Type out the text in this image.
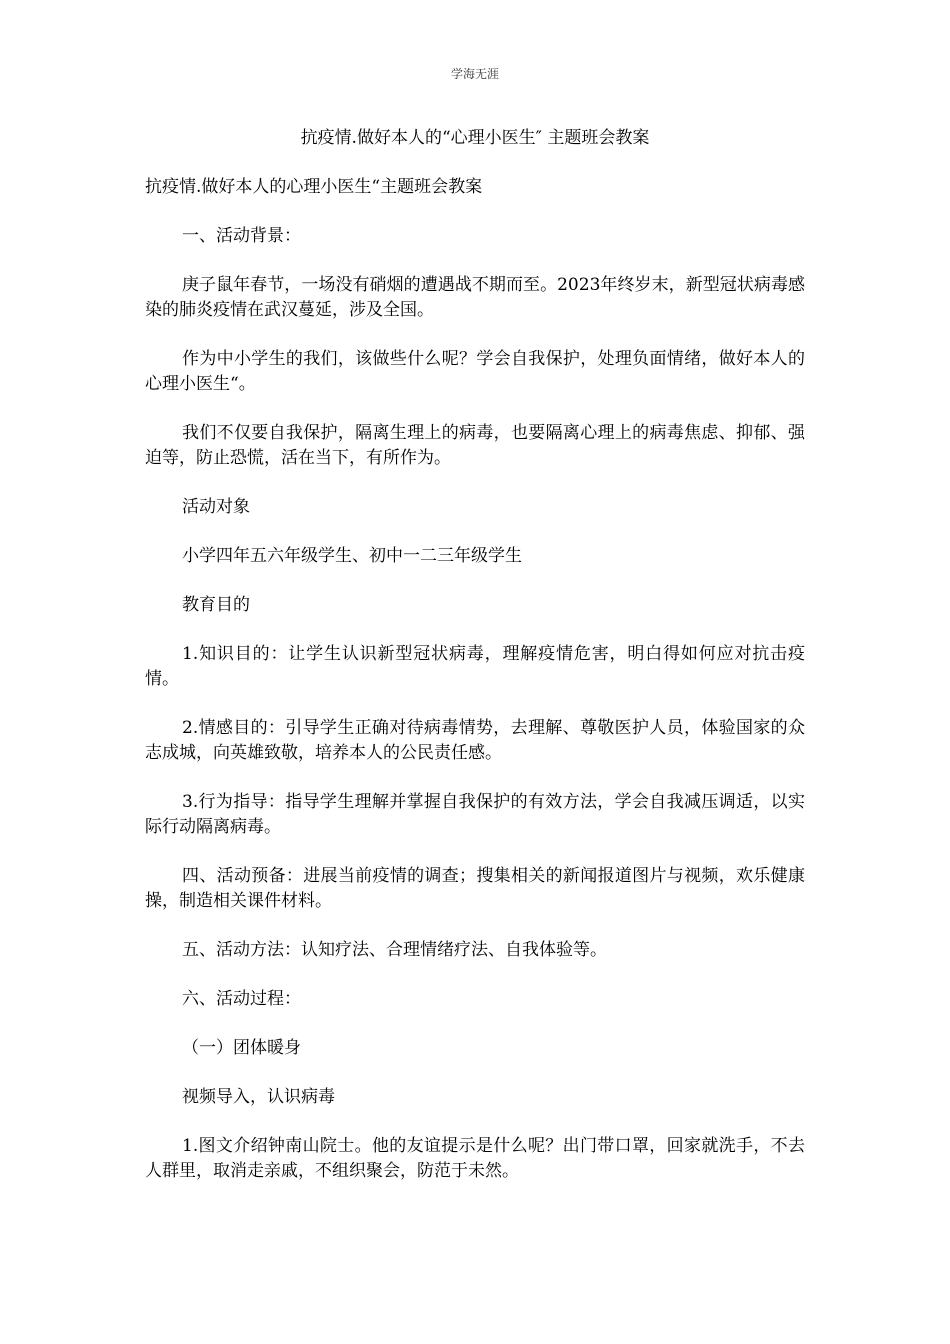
学海无涯
抗疫情.做好本人的“心理小医生″ 主题班会教案

抗疫情.做好本人的心理小医生“主题班会教案

一、活动背景：

庚子鼠年春节，一场没有硝烟的遭遇战不期而至。2023年终岁末，新型冠状病毒感染的肺炎疫情在武汉蔓延，涉及全国。

作为中小学生的我们，该做些什么呢？学会自我保护，处理负面情绪，做好本人的心理小医生“。

我们不仅要自我保护，隔离生理上的病毒，也要隔离心理上的病毒焦虑、抑郁、强迫等，防止恐慌，活在当下，有所作为。

活动对象

小学四年五六年级学生、初中一二三年级学生

教育目的

1.知识目的：让学生认识新型冠状病毒，理解疫情危害，明白得如何应对抗击疫情。

2.情感目的：引导学生正确对待病毒情势，去理解、尊敬医护人员，体验国家的众志成城，向英雄致敬，培养本人的公民责任感。

3.行为指导：指导学生理解并掌握自我保护的有效方法，学会自我减压调适，以实际行动隔离病毒。

四、活动预备：进展当前疫情的调查；搜集相关的新闻报道图片与视频，欢乐健康操，制造相关课件材料。

五、活动方法：认知疗法、合理情绪疗法、自我体验等。

六、活动过程：

（一）团体暖身

视频导入，认识病毒

1.图文介绍钟南山院士。他的友谊提示是什么呢？出门带口罩，回家就洗手，不去人群里，取消走亲戚，不组织聚会，防范于未然。
